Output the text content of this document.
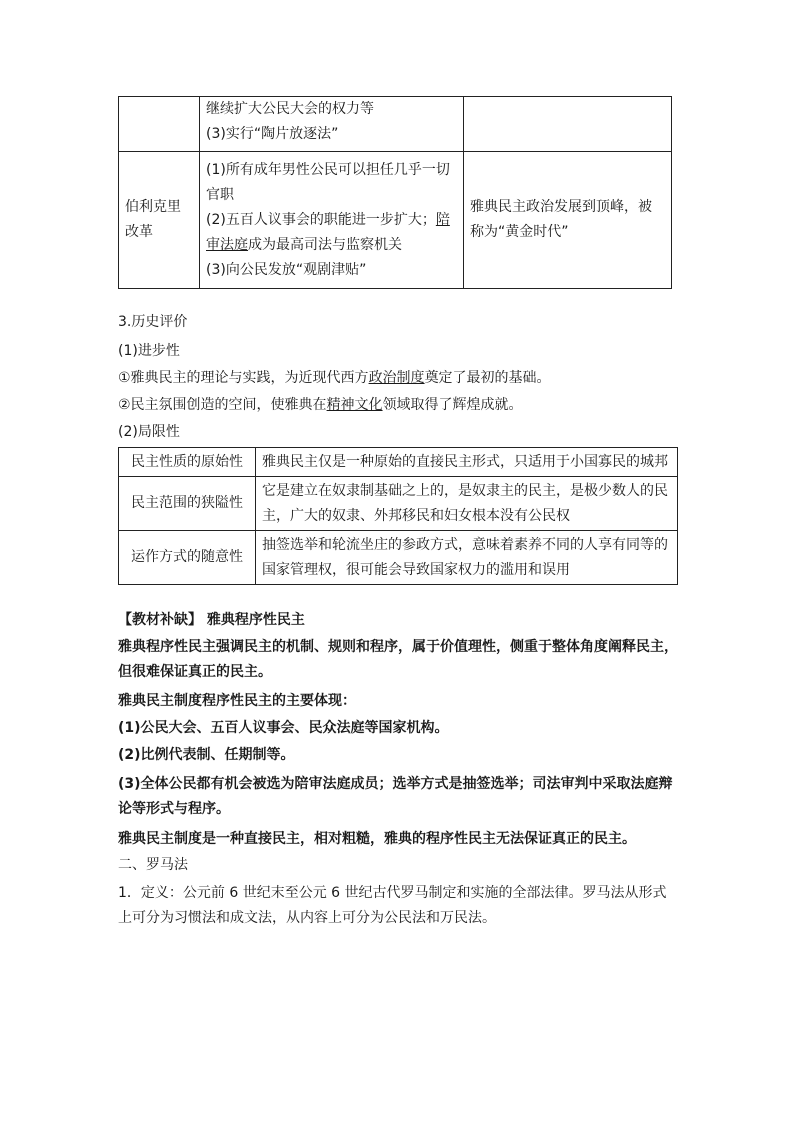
	继续扩大公民大会的权力等
(3)实行“陶片放逐法”	

伯利克里改革	(1)所有成年男性公民可以担任几乎一切官职
(2)五百人议事会的职能进一步扩大；陪审法庭成为最高司法与监察机关
(3)向公民发放“观剧津贴”	雅典民主政治发展到顶峰，被称为“黄金时代”
3.历史评价
(1)进步性
①雅典民主的理论与实践，为近现代西方政治制度奠定了最初的基础。
②民主氛围创造的空间，使雅典在精神文化领域取得了辉煌成就。
(2)局限性
民主性质的原始性	雅典民主仅是一种原始的直接民主形式，只适用于小国寡民的城邦
民主范围的狭隘性	它是建立在奴隶制基础之上的，是奴隶主的民主，是极少数人的民主，广大的奴隶、外邦移民和妇女根本没有公民权
运作方式的随意性	抽签选举和轮流坐庄的参政方式，意味着素养不同的人享有同等的国家管理权，很可能会导致国家权力的滥用和误用
【教材补缺】 雅典程序性民主
雅典程序性民主强调民主的机制、规则和程序，属于价值理性，侧重于整体角度阐释民主，但很难保证真正的民主。
雅典民主制度程序性民主的主要体现：
(1)公民大会、五百人议事会、民众法庭等国家机构。
(2)比例代表制、任期制等。
(3)全体公民都有机会被选为陪审法庭成员；选举方式是抽签选举；司法审判中采取法庭辩论等形式与程序。
雅典民主制度是一种直接民主，相对粗糙，雅典的程序性民主无法保证真正的民主。
二、罗马法
1．定义：公元前 6 世纪末至公元 6 世纪古代罗马制定和实施的全部法律。罗马法从形式上可分为习惯法和成文法，从内容上可分为公民法和万民法。
